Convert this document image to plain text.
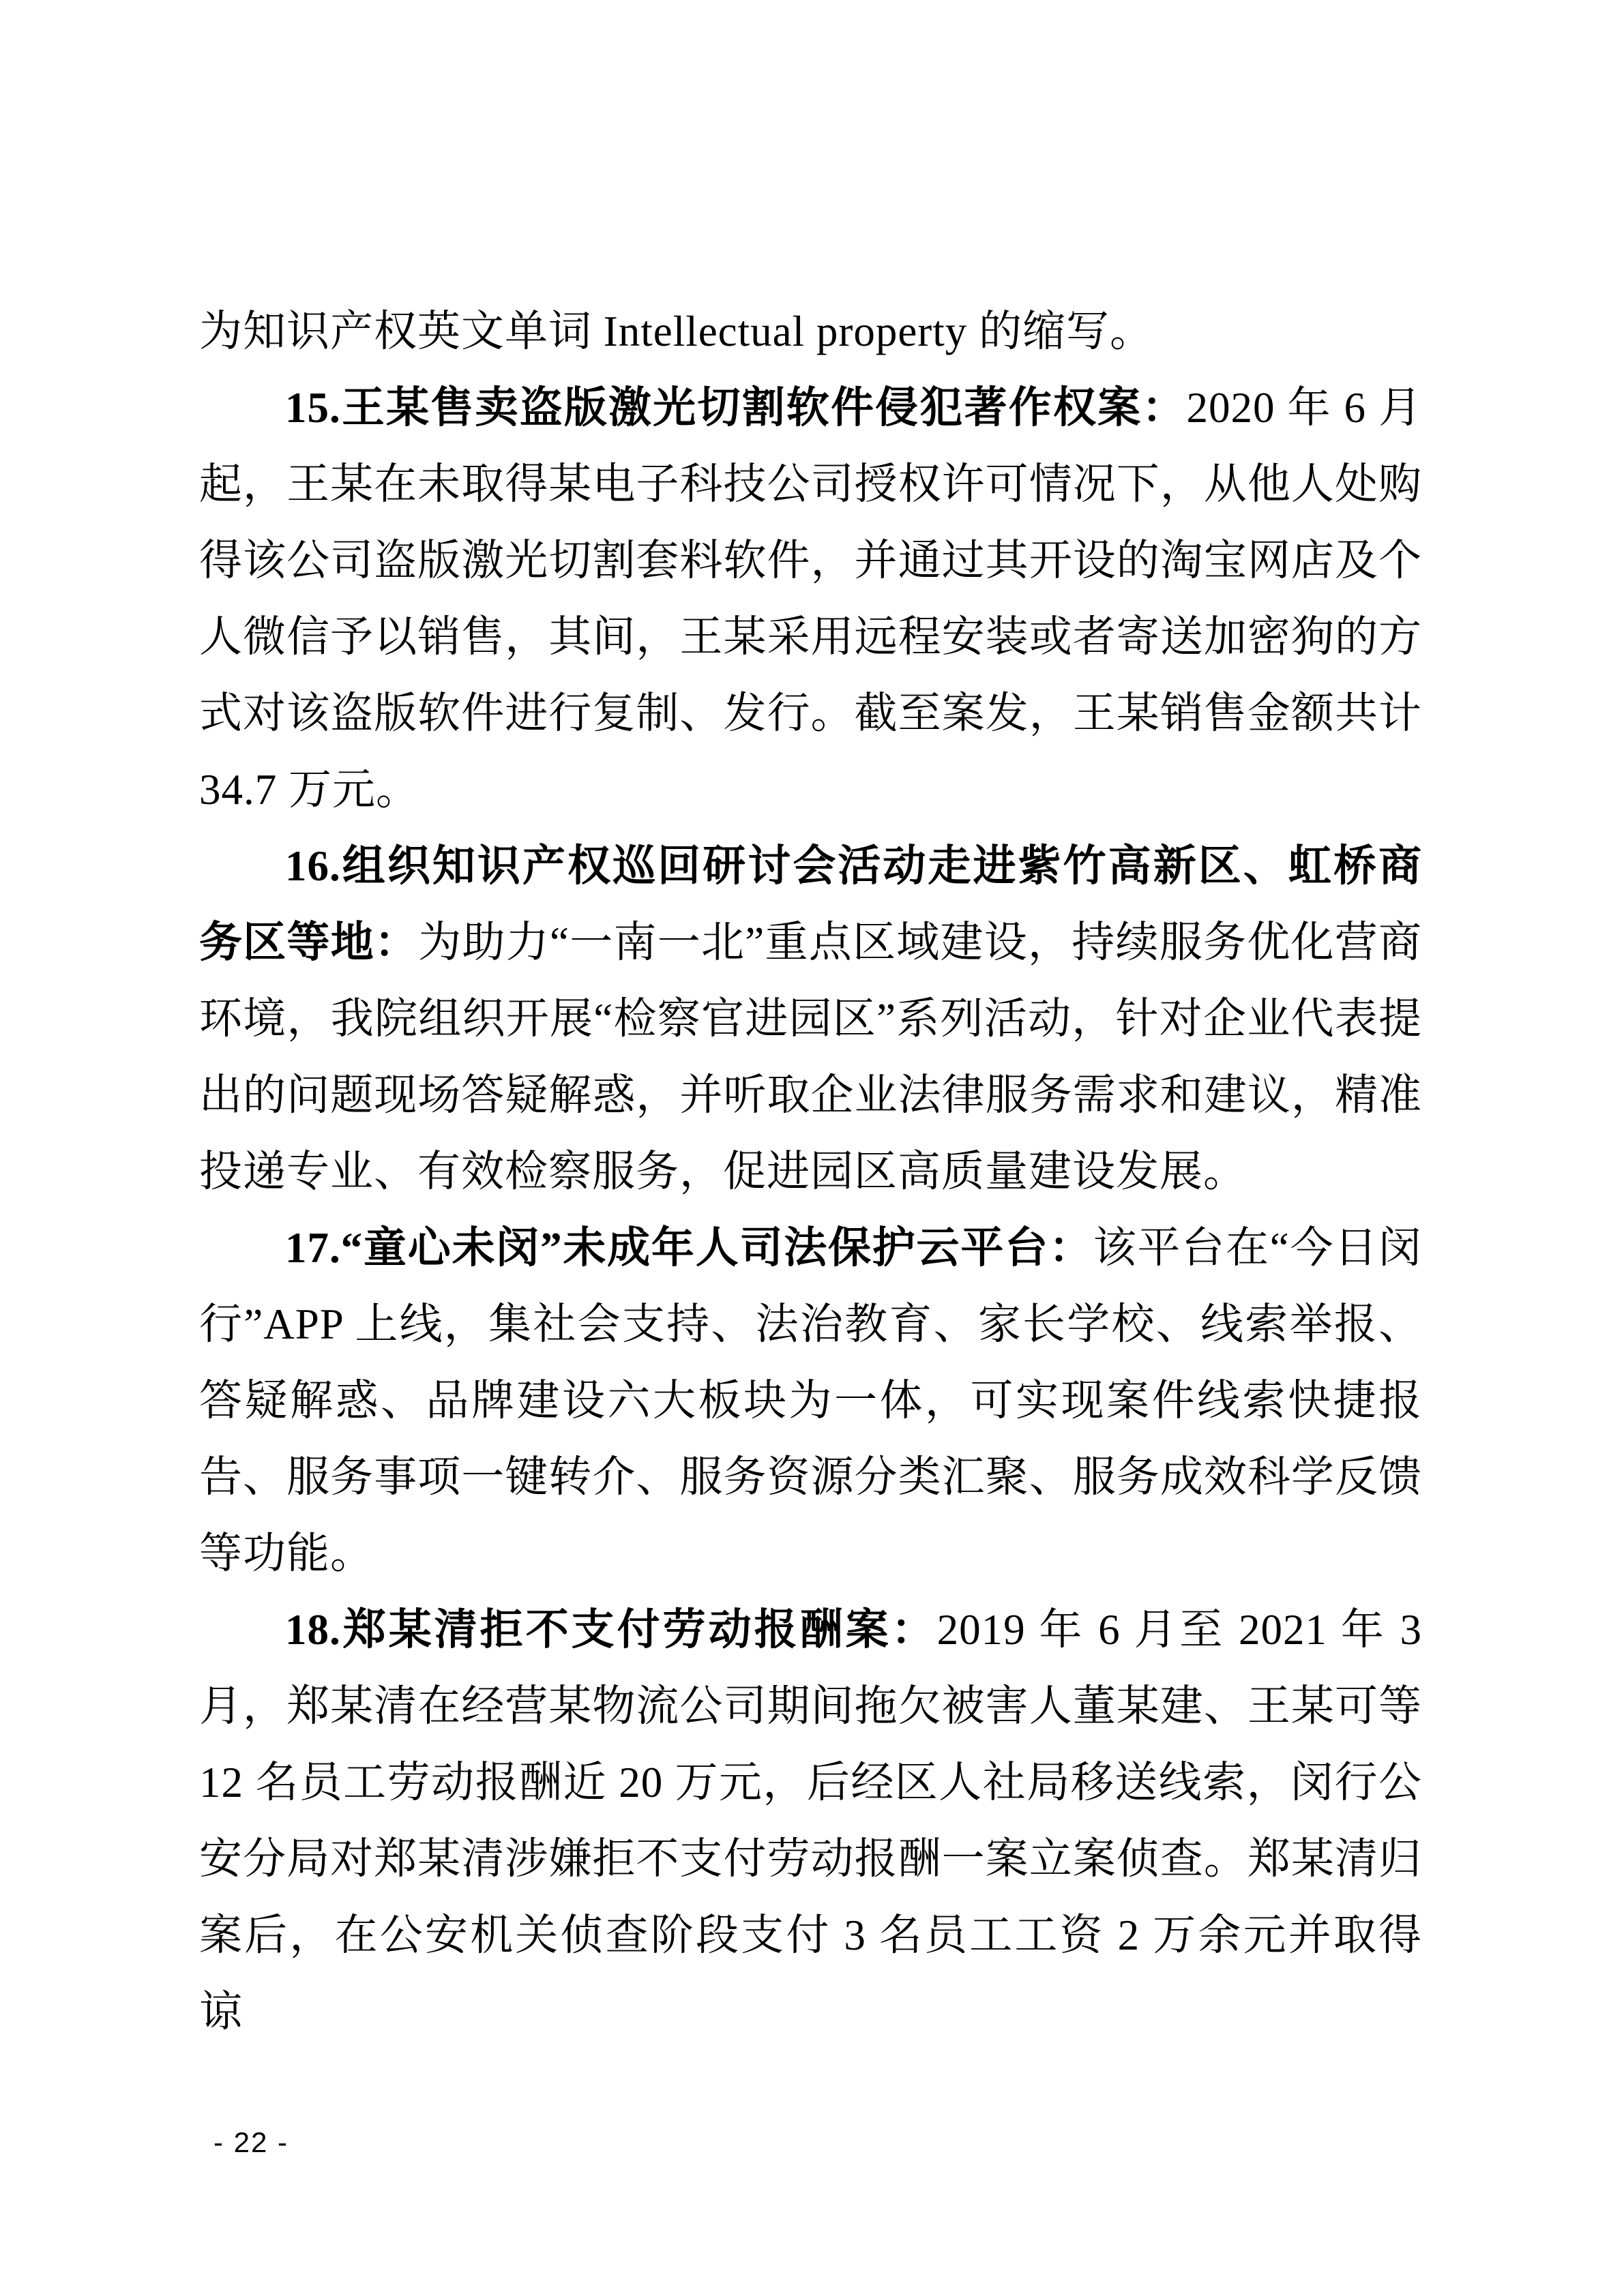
为知识产权英文单词 Intellectual property 的缩写。

15.王某售卖盗版激光切割软件侵犯著作权案：2020 年 6 月起，王某在未取得某电子科技公司授权许可情况下，从他人处购得该公司盗版激光切割套料软件，并通过其开设的淘宝网店及个人微信予以销售，其间，王某采用远程安装或者寄送加密狗的方式对该盗版软件进行复制、发行。截至案发，王某销售金额共计 34.7 万元。

16.组织知识产权巡回研讨会活动走进紫竹高新区、虹桥商务区等地：为助力“一南一北”重点区域建设，持续服务优化营商环境，我院组织开展“检察官进园区”系列活动，针对企业代表提出的问题现场答疑解惑，并听取企业法律服务需求和建议，精准投递专业、有效检察服务，促进园区高质量建设发展。

17.“童心未闵”未成年人司法保护云平台：该平台在“今日闵行”APP 上线，集社会支持、法治教育、家长学校、线索举报、答疑解惑、品牌建设六大板块为一体，可实现案件线索快捷报告、服务事项一键转介、服务资源分类汇聚、服务成效科学反馈等功能。

18.郑某清拒不支付劳动报酬案：2019 年 6 月至 2021 年 3 月，郑某清在经营某物流公司期间拖欠被害人董某建、王某可等 12 名员工劳动报酬近 20 万元，后经区人社局移送线索，闵行公安分局对郑某清涉嫌拒不支付劳动报酬一案立案侦查。郑某清归案后，在公安机关侦查阶段支付 3 名员工工资 2 万余元并取得谅

- 22 -
